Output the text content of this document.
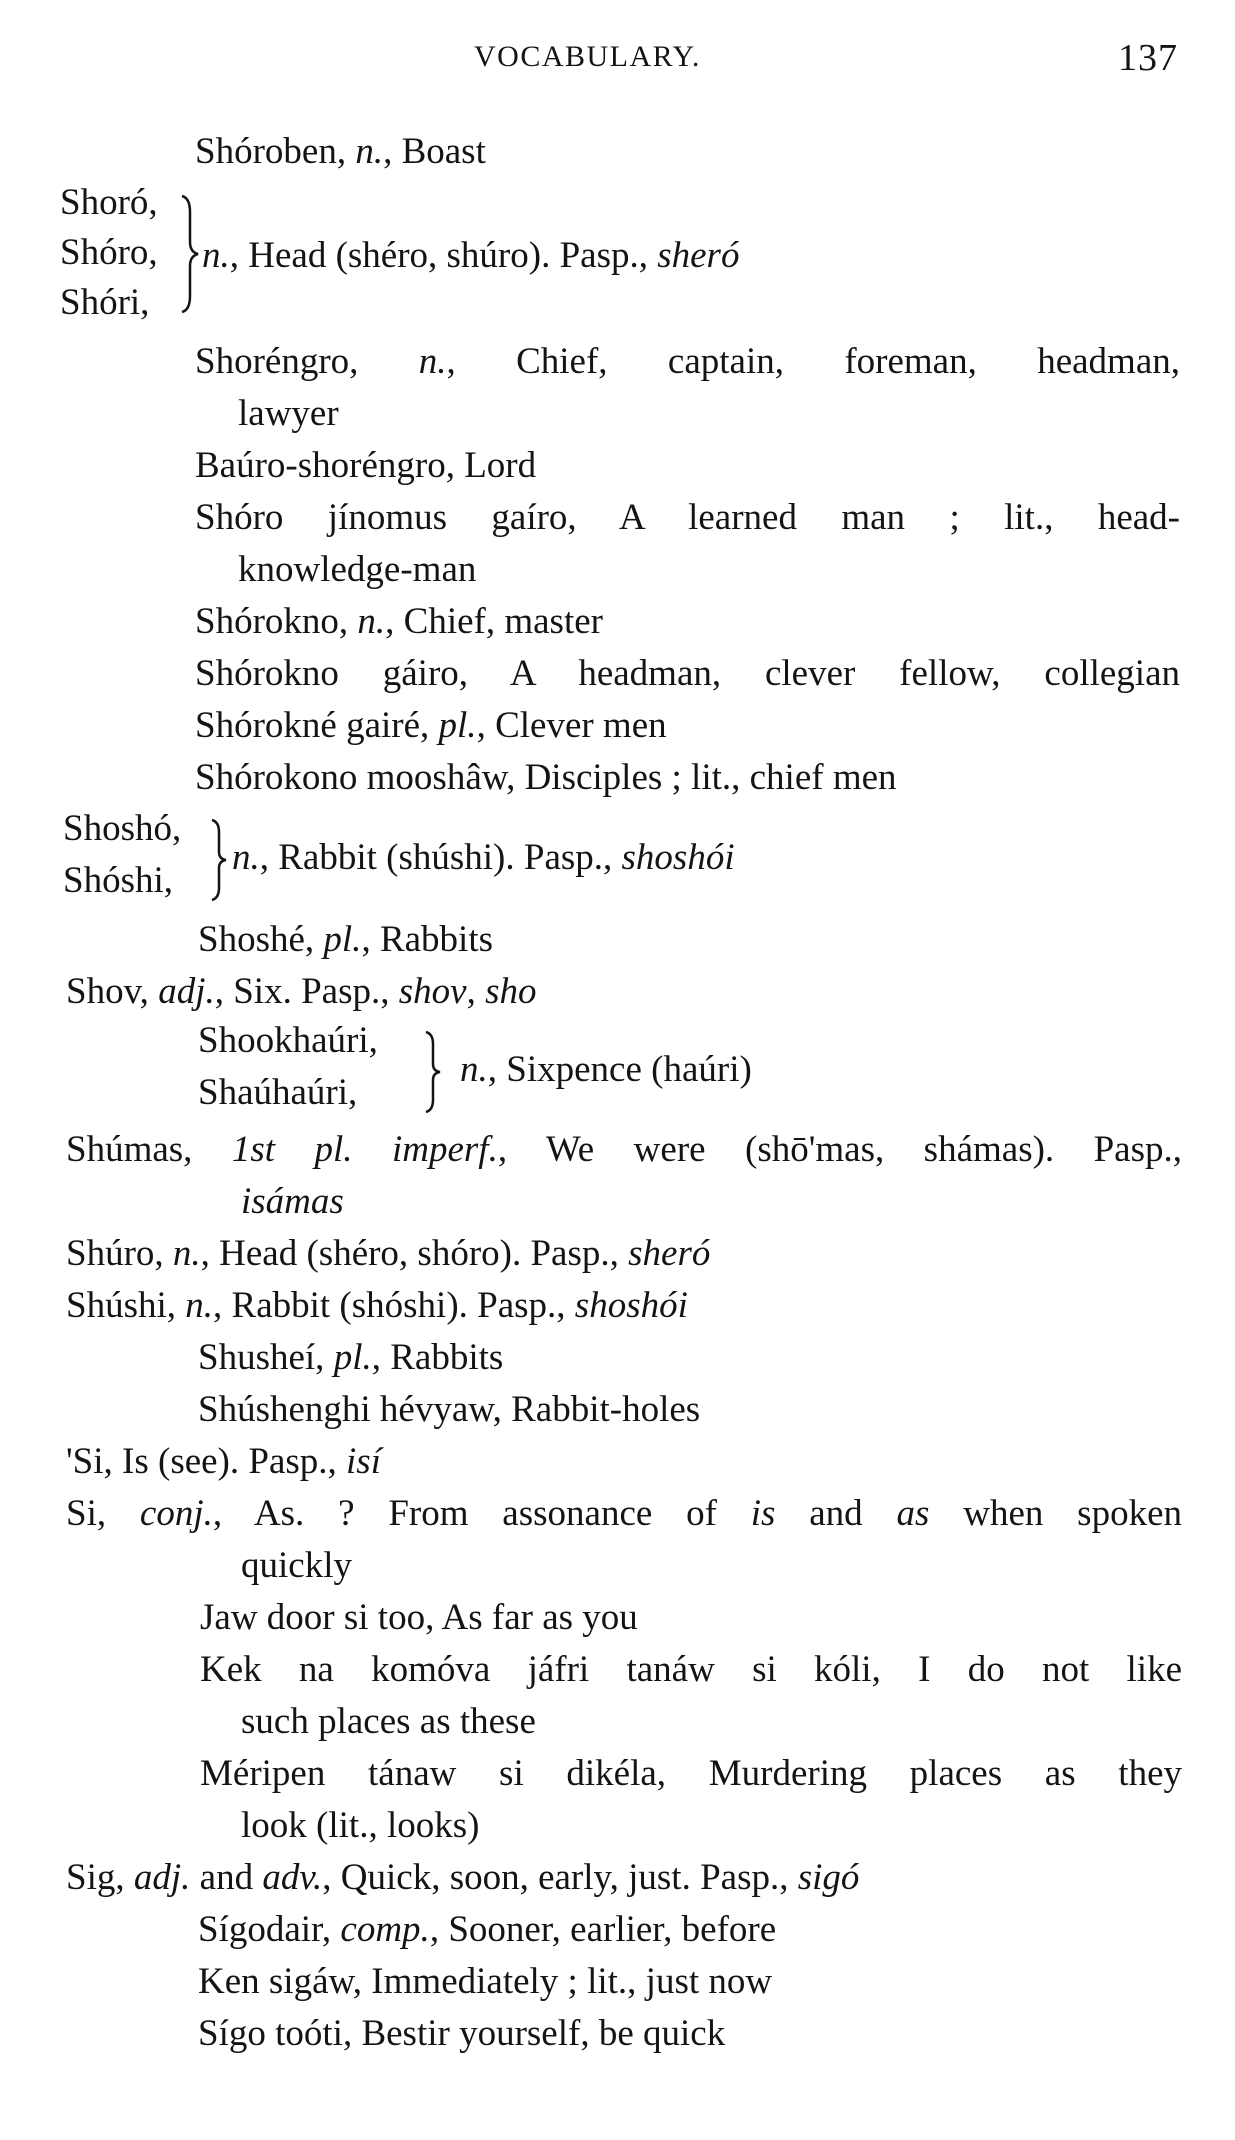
VOCABULARY.	137
Shóroben, n., Boast
Shoró,
Shóro,
Shóri,
n., Head (shéro, shúro). Pasp., sheró
Shoréngro, n., Chief, captain, foreman, headman,
lawyer
Baúro-shoréngro, Lord
Shóro jínomus gaíro, A learned man ; lit., head-
knowledge-man
Shórokno, n., Chief, master
Shórokno gáiro, A headman, clever fellow, collegian
Shórokné gairé, pl., Clever men
Shórokono mooshâw, Disciples ; lit., chief men
Shoshó,
Shóshi,
n., Rabbit (shúshi). Pasp., shoshói
Shoshé, pl., Rabbits
Shov, adj., Six. Pasp., shov, sho
Shookhaúri,
Shaúhaúri,
n., Sixpence (haúri)
Shúmas, 1st pl. imperf., We were (shō'mas, shámas). Pasp.,
isámas
Shúro, n., Head (shéro, shóro). Pasp., sheró
Shúshi, n., Rabbit (shóshi). Pasp., shoshói
Shusheí, pl., Rabbits
Shúshenghi hévyaw, Rabbit-holes
'Si, Is (see). Pasp., isí
Si, conj., As. ? From assonance of is and as when spoken
quickly
Jaw door si too, As far as you
Kek na komóva jáfri tanáw si kóli, I do not like
such places as these
Méripen tánaw si dikéla, Murdering places as they
look (lit., looks)
Sig, adj. and adv., Quick, soon, early, just. Pasp., sigó
Sígodair, comp., Sooner, earlier, before
Ken sigáw, Immediately ; lit., just now
Sígo toóti, Bestir yourself, be quick
